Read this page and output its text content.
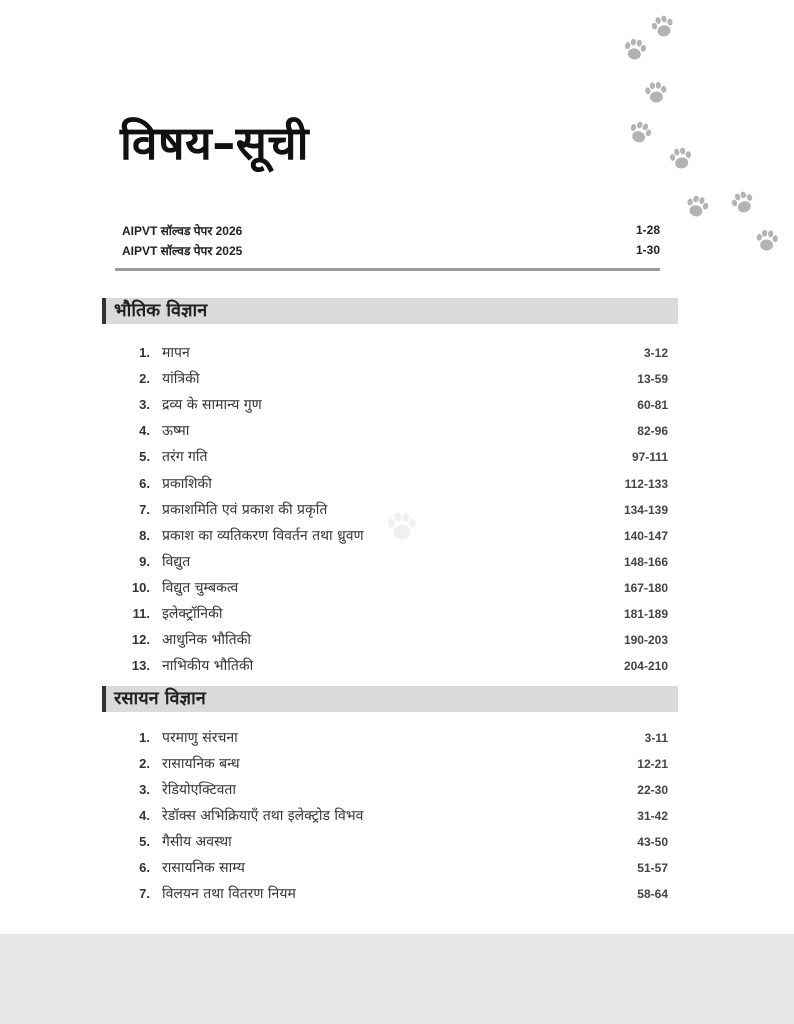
विषय–सूची
AIPVT सॉल्वड पेपर 2026	1-28
AIPVT सॉल्वड पेपर 2025	1-30
भौतिक विज्ञान
1. मापन	3-12
2. यांत्रिकी	13-59
3. द्रव्य के सामान्य गुण	60-81
4. ऊष्मा	82-96
5. तरंग गति	97-111
6. प्रकाशिकी	112-133
7. प्रकाशमिति एवं प्रकाश की प्रकृति	134-139
8. प्रकाश का व्यतिकरण विवर्तन तथा ध्रुवण	140-147
9. विद्युत	148-166
10. विद्युत चुम्बकत्व	167-180
11. इलेक्ट्रॉनिकी	181-189
12. आधुनिक भौतिकी	190-203
13. नाभिकीय भौतिकी	204-210
रसायन विज्ञान
1. परमाणु संरचना	3-11
2. रासायनिक बन्ध	12-21
3. रेडियोएक्टिवता	22-30
4. रेडॉक्स अभिक्रियाएँ तथा इलेक्ट्रोड विभव	31-42
5. गैसीय अवस्था	43-50
6. रासायनिक साम्य	51-57
7. विलयन तथा वितरण नियम	58-64
